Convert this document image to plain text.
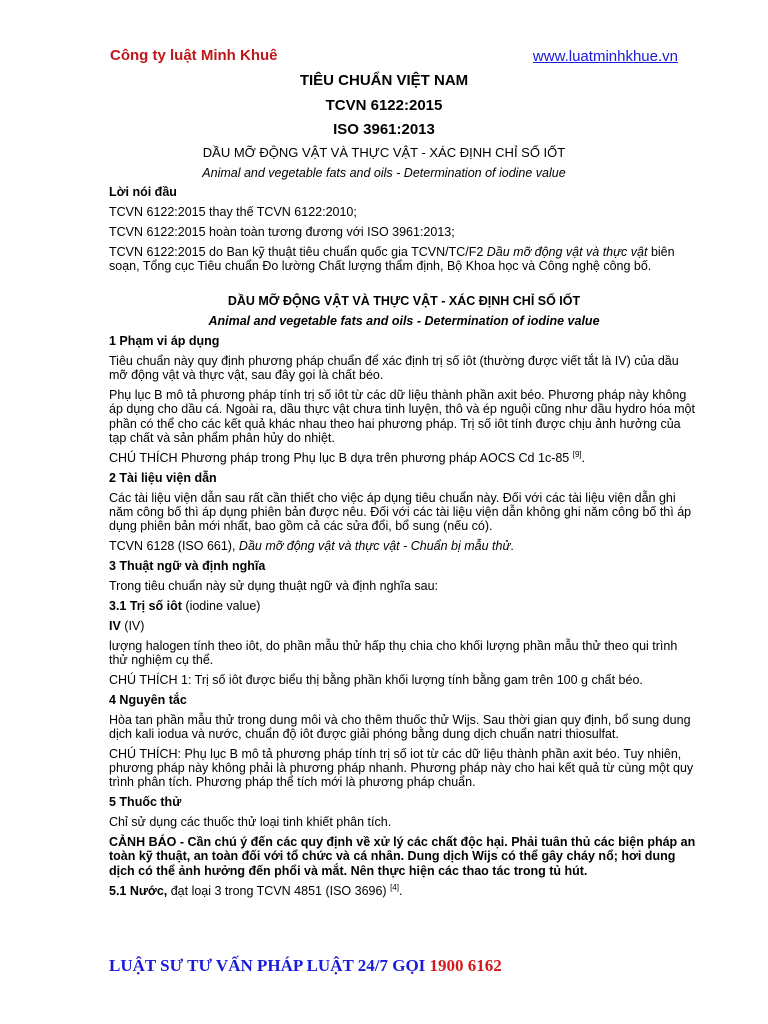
Công ty luật Minh Khuê	www.luatminhkhue.vn
TIÊU CHUẨN VIỆT NAM
TCVN 6122:2015
ISO 3961:2013
DẦU MỠ ĐỘNG VẬT VÀ THỰC VẬT - XÁC ĐỊNH CHỈ SỐ IỐT
Animal and vegetable fats and oils - Determination of iodine value

Lời nói đầu

TCVN 6122:2015 thay thế TCVN 6122:2010;

TCVN 6122:2015 hoàn toàn tương đương với ISO 3961:2013;

TCVN 6122:2015 do Ban kỹ thuật tiêu chuẩn quốc gia TCVN/TC/F2 Dầu mỡ động vật và thực vật biên soạn, Tổng cục Tiêu chuẩn Đo lường Chất lượng thẩm định, Bộ Khoa học và Công nghệ công bố.

DẦU MỠ ĐỘNG VẬT VÀ THỰC VẬT - XÁC ĐỊNH CHỈ SỐ IỐT

Animal and vegetable fats and oils - Determination of iodine value

1 Phạm vi áp dụng

Tiêu chuẩn này quy định phương pháp chuẩn để xác định trị số iôt (thường được viết tắt là IV) của dầu mỡ động vật và thực vật, sau đây gọi là chất béo.

Phụ lục B mô tả phương pháp tính trị số iôt từ các dữ liệu thành phần axit béo. Phương pháp này không áp dụng cho dầu cá. Ngoài ra, dầu thực vật chưa tinh luyện, thô và ép nguội cũng như dầu hydro hóa một phần có thể cho các kết quả khác nhau theo hai phương pháp. Trị số iôt tính được chịu ảnh hưởng của tạp chất và sản phẩm phân hủy do nhiệt.

CHÚ THÍCH Phương pháp trong Phụ lục B dựa trên phương pháp AOCS Cd 1c-85 [9].

2 Tài liệu viện dẫn

Các tài liệu viện dẫn sau rất cần thiết cho việc áp dụng tiêu chuẩn này. Đối với các tài liệu viện dẫn ghi năm công bố thì áp dụng phiên bản được nêu. Đối với các tài liệu viện dẫn không ghi năm công bố thì áp dụng phiên bản mới nhất, bao gồm cả các sửa đổi, bổ sung (nếu có).

TCVN 6128 (ISO 661), Dầu mỡ động vật và thực vật - Chuẩn bị mẫu thử.

3 Thuật ngữ và định nghĩa

Trong tiêu chuẩn này sử dụng thuật ngữ và định nghĩa sau:

3.1 Trị số iôt (iodine value)

IV (IV)

lượng halogen tính theo iôt, do phần mẫu thử hấp thụ chia cho khối lượng phần mẫu thử theo qui trình thử nghiệm cụ thể.

CHÚ THÍCH 1: Trị số iôt được biểu thị bằng phần khối lượng tính bằng gam trên 100 g chất béo.

4 Nguyên tắc

Hòa tan phần mẫu thử trong dung môi và cho thêm thuốc thử Wijs. Sau thời gian quy định, bổ sung dung dịch kali iodua và nước, chuẩn độ iôt được giải phóng bằng dung dịch chuẩn natri thiosulfat.

CHÚ THÍCH: Phụ lục B mô tả phương pháp tính trị số iot từ các dữ liệu thành phần axit béo. Tuy nhiên, phương pháp này không phải là phương pháp nhanh. Phương pháp này cho hai kết quả từ cùng một quy trình phân tích. Phương pháp thể tích mới là phương pháp chuẩn.

5 Thuốc thử

Chỉ sử dụng các thuốc thử loại tinh khiết phân tích.

CẢNH BÁO - Cần chú ý đến các quy định về xử lý các chất độc hại. Phải tuân thủ các biện pháp an toàn kỹ thuật, an toàn đối với tổ chức và cá nhân. Dung dịch Wijs có thể gây cháy nổ; hơi dung dịch có thể ảnh hưởng đến phổi và mắt. Nên thực hiện các thao tác trong tủ hút.

5.1 Nước, đạt loại 3 trong TCVN 4851 (ISO 3696) [4].

LUẬT SƯ TƯ VẤN PHÁP LUẬT 24/7 GỌI 1900 6162
